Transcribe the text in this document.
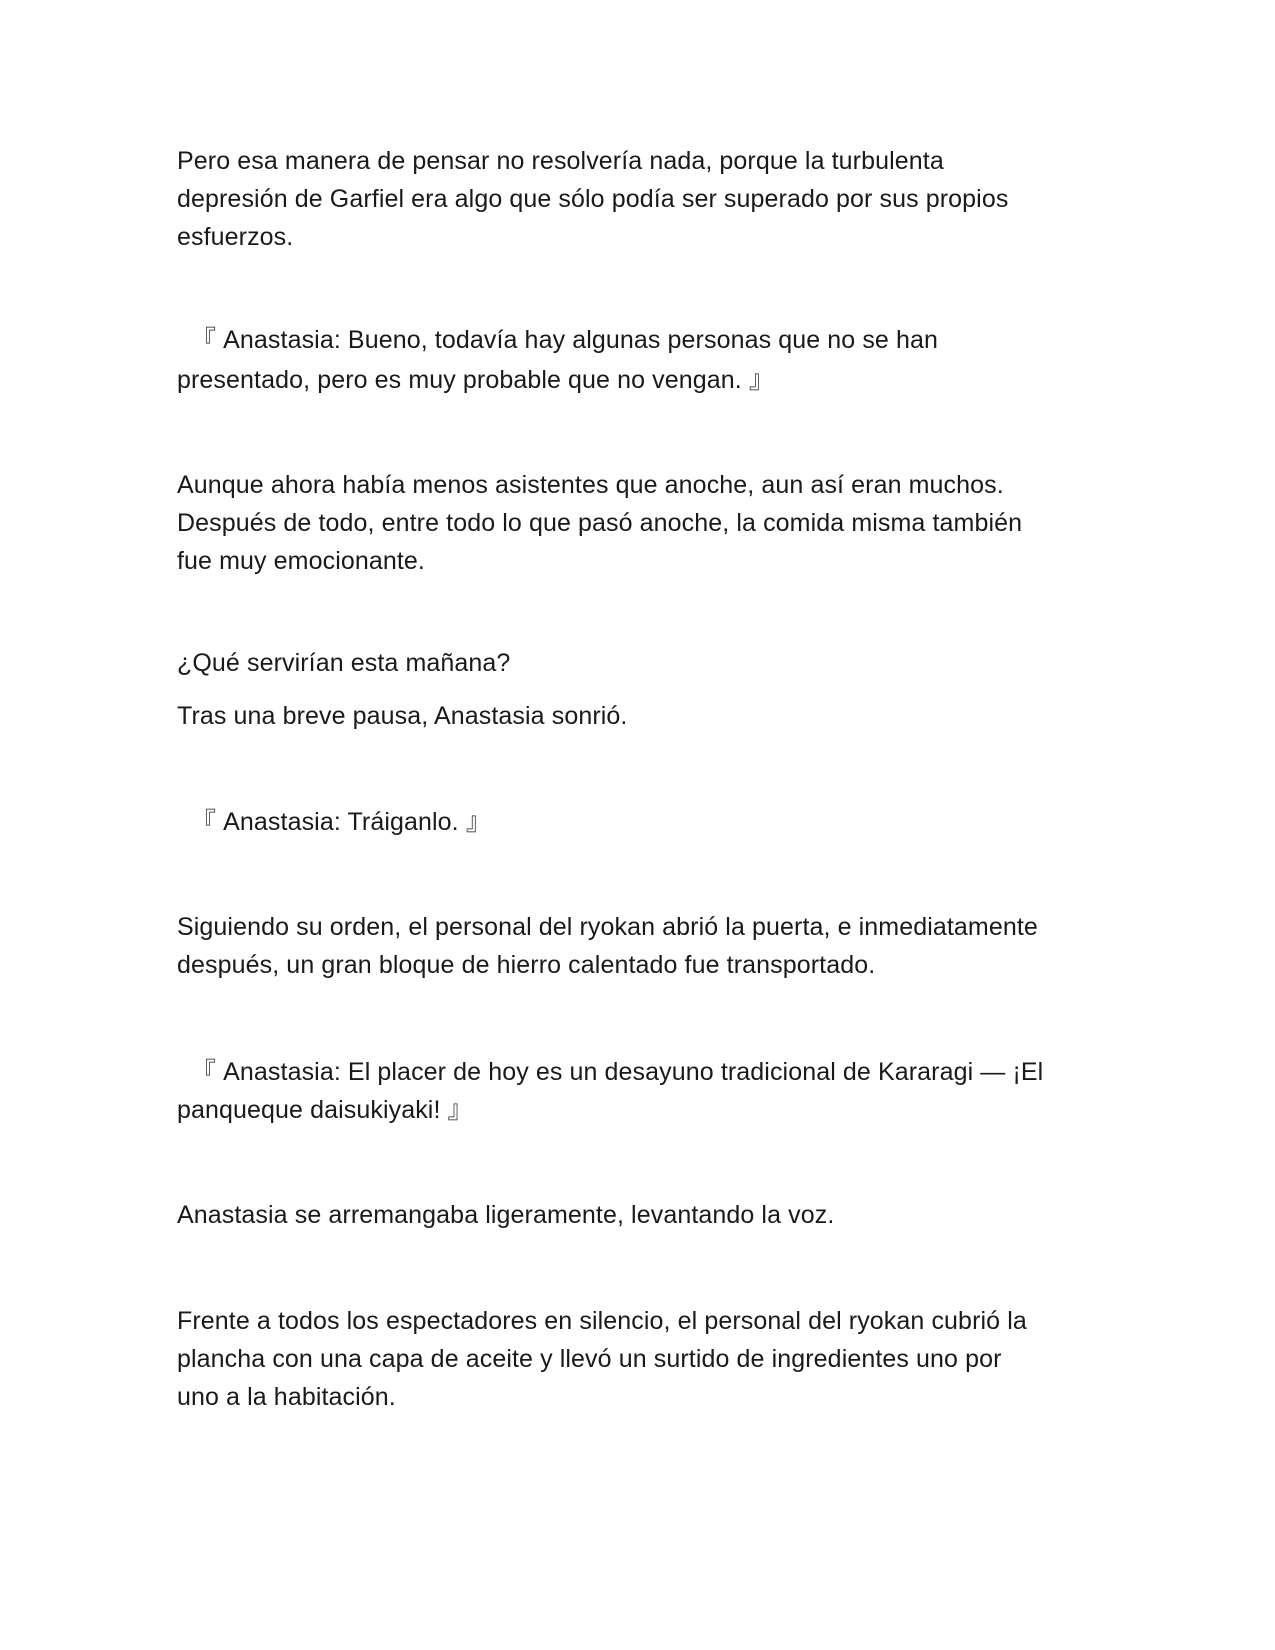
Pero esa manera de pensar no resolvería nada, porque la turbulenta
depresión de Garfiel era algo que sólo podía ser superado por sus propios
esfuerzos.

『 Anastasia: Bueno, todavía hay algunas personas que no se han
presentado, pero es muy probable que no vengan. 』

Aunque ahora había menos asistentes que anoche, aun así eran muchos.
Después de todo, entre todo lo que pasó anoche, la comida misma también
fue muy emocionante.

¿Qué servirían esta mañana?

Tras una breve pausa, Anastasia sonrió.

『 Anastasia: Tráiganlo. 』

Siguiendo su orden, el personal del ryokan abrió la puerta, e inmediatamente
después, un gran bloque de hierro calentado fue transportado.

『 Anastasia: El placer de hoy es un desayuno tradicional de Kararagi — ¡El
panqueque daisukiyaki! 』

Anastasia se arremangaba ligeramente, levantando la voz.

Frente a todos los espectadores en silencio, el personal del ryokan cubrió la
plancha con una capa de aceite y llevó un surtido de ingredientes uno por
uno a la habitación.
